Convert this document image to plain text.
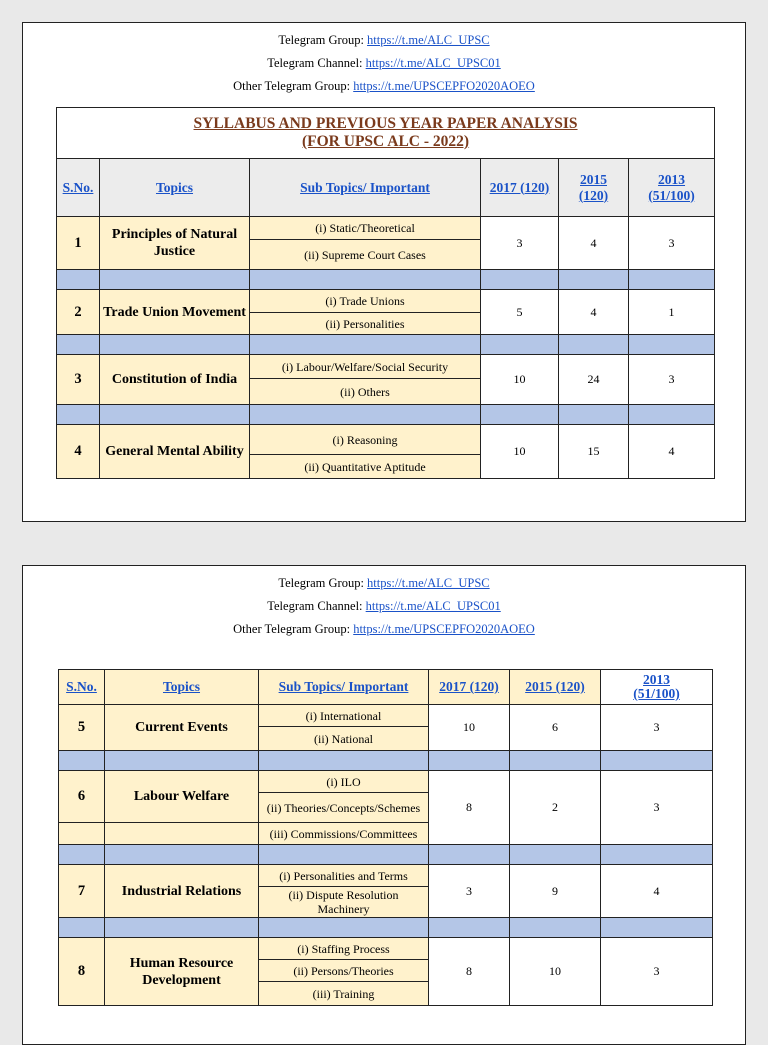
Telegram Group: https://t.me/ALC_UPSC
Telegram Channel: https://t.me/ALC_UPSC01
Other Telegram Group: https://t.me/UPSCEPFO2020AOEO
SYLLABUS AND PREVIOUS YEAR PAPER ANALYSIS
(FOR UPSC ALC - 2022)					

S.No.	Topics	Sub Topics/ Important	2017 (120)	2015
(120)	2013
(51/100)
1	Principles of Natural Justice	(i) Static/Theoretical	3	4	3
		(ii) Supreme Court Cases			

2	Trade Union Movement	(i) Trade Unions	5	4	1
		(ii) Personalities			

3	Constitution of India	(i) Labour/Welfare/Social Security	10	24	3
		(ii) Others			

4	General Mental Ability	(i) Reasoning	10	15	4
		(ii) Quantitative Aptitude			
Telegram Group: https://t.me/ALC_UPSC
Telegram Channel: https://t.me/ALC_UPSC01
Other Telegram Group: https://t.me/UPSCEPFO2020AOEO
S.No.	Topics	Sub Topics/ Important	2017 (120)	2015 (120)	2013
(51/100)
5	Current Events	(i) International	10	6	3
		(ii) National			

6	Labour Welfare	(i) ILO	8	2	3
		(ii) Theories/Concepts/Schemes			
		(iii) Commissions/Committees			

7	Industrial Relations	(i) Personalities and Terms	3	9	4
		(ii) Dispute Resolution Machinery			

8	Human Resource Development	(i) Staffing Process	8	10	3
		(ii) Persons/Theories			
		(iii) Training			
